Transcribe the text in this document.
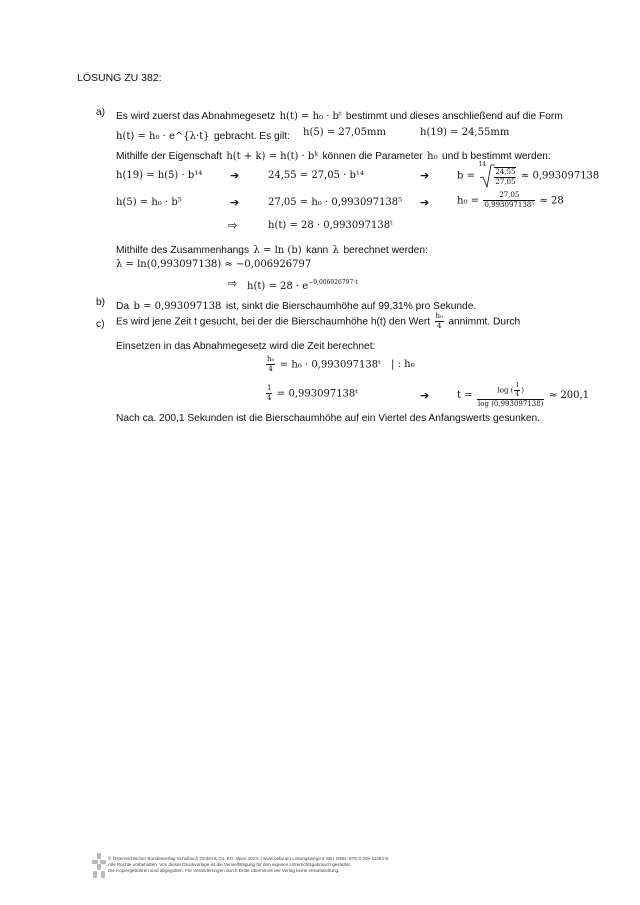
LÖSUNG ZU 382:
a) Es wird zuerst das Abnahmegesetz h(t) = h₀ · bᵗ bestimmt und dieses anschließend auf die Form
h(t) = h₀ · e^{λ·t} gebracht. Es gilt: h(5) = 27,05mm	h(19) = 24,55mm
Mithilfe der Eigenschaft h(t + k) = h(t) · bᵏ können die Parameter h₀ und b bestimmt werden:
h(19) = h(5) · b¹⁴	➔	24,55 = 27,05 · b¹⁴	➔	b =
14
$\frac{24,55}{27,05} \approx 0,993097138$
h(5) = h₀ · b⁵	➔	27,05 = h₀ · 0,993097138⁵ ➔	$h_0 = \frac{27,05}{\text{0,993097138⁵}} \approx 28$
⇨	h(t) = 28 · 0,993097138ᵗ
Mithilfe des Zusammenhangs λ = ln (b) kann λ berechnet werden:
λ = ln(0,993097138) ≈ −0,006926797
⇨ $h(t) = 28 \cdot e^{-0,006926797\cdot t}$
b) Da b = 0,993097138 ist, sinkt die Bierschaumhöhe auf 99,31% pro Sekunde.
c) Es wird jene Zeit t gesucht, bei der die Bierschaumhöhe h(t) den Wert $\frac{\text{h₀}}{4}$ annimmt. Durch
Einsetzen in das Abnahmegesetz wird die Zeit berechnet:
$\frac{\text{h₀}}{4} = h_0$ · 0,993097138ᵗ | : h₀
$\frac{1}{4}$ = 0,993097138ᵗ	➔	$t = \frac{\log ( \frac{1}{4} )}{\log (0,993097138)} \approx 200,1$
Nach ca. 200,1 Sekunden ist die Bierschaumhöhe auf ein Viertel des Anfangswerts gesunken.
© Österreichischer Bundesverlag Schulbuch GmbH & Co. KG, Wien 2023. | www.oebv.at | Lösungswege 6 SB | ISBN: 978-3-209-11494-5
Alle Rechte vorbehalten. Von dieser Druckvorlage ist die Vervielfältigung für den eigenen Unterrichtsgebrauch gestattet.
Die Kopiergebühren sind abgegolten. Für Veränderungen durch Dritte übernimmt der Verlag keine Verantwortung.
